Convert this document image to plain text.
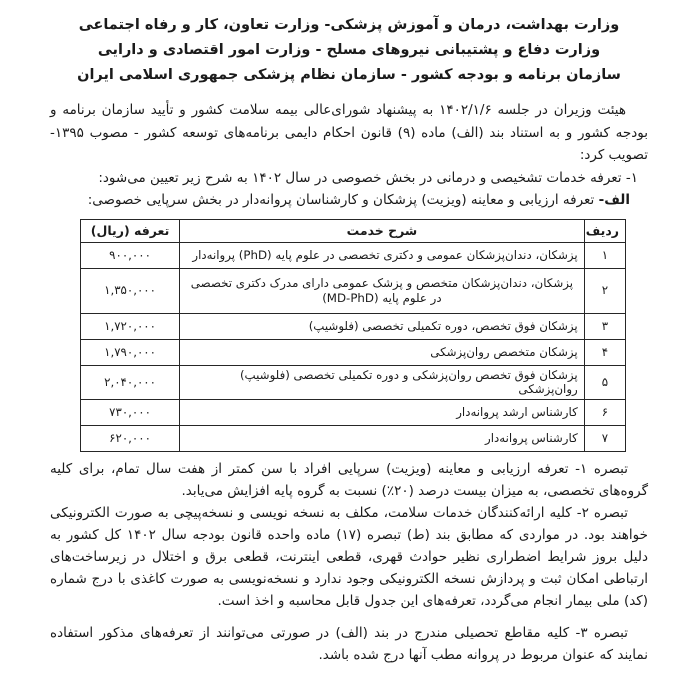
وزارت بهداشت، درمان و آموزش پزشکی- وزارت تعاون، کار و رفاه اجتماعی
وزارت دفاع و پشتیبانی نیروهای مسلح - وزارت امور اقتصادی و دارایی
سازمان برنامه و بودجه کشور - سازمان نظام پزشکی جمهوری اسلامی ایران

هیئت وزیران در جلسه ۱۴۰۲/۱/۶ به پیشنهاد شورای‌عالی بیمه سلامت کشور و تأیید سازمان برنامه و بودجه کشور و به استناد بند (الف) ماده (۹) قانون احکام دایمی برنامه‌های توسعه کشور - مصوب ۱۳۹۵- تصویب کرد:

۱- تعرفه خدمات تشخیصی و درمانی در بخش خصوصی در سال ۱۴۰۲ به شرح زیر تعیین می‌شود:

الف- تعرفه ارزیابی و معاینه (ویزیت) پزشکان و کارشناسان پروانه‌دار در بخش سرپایی خصوصی:

ردیف	شرح خدمت	تعرفه (ریال)
۱	پزشکان، دندان‌پزشکان عمومی و دکتری تخصصی در علوم پایه (PhD) پروانه‌دار	۹۰۰,۰۰۰
۲	پزشکان، دندان‌پزشکان متخصص و پزشک عمومی دارای مدرک دکتری تخصصی در علوم پایه (MD-PhD)	۱,۳۵۰,۰۰۰
۳	پزشکان فوق تخصص، دوره تکمیلی تخصصی (فلوشیپ)	۱,۷۲۰,۰۰۰
۴	پزشکان متخصص روان‌پزشکی	۱,۷۹۰,۰۰۰
۵	پزشکان فوق تخصص روان‌پزشکی و دوره تکمیلی تخصصی (فلوشیپ) روان‌پزشکی	۲,۰۴۰,۰۰۰
۶	کارشناس ارشد پروانه‌دار	۷۳۰,۰۰۰
۷	کارشناس پروانه‌دار	۶۲۰,۰۰۰

تبصره ۱- تعرفه ارزیابی و معاینه (ویزیت) سرپایی افراد با سن کمتر از هفت سال تمام، برای کلیه گروه‌های تخصصی، به میزان بیست درصد (۲۰٪) نسبت به گروه پایه افزایش می‌یابد.

تبصره ۲- کلیه ارائه‌کنندگان خدمات سلامت، مکلف به نسخه نویسی و نسخه‌پیچی به صورت الکترونیکی خواهند بود. در مواردی که مطابق بند (ط) تبصره (۱۷) ماده واحده قانون بودجه سال ۱۴۰۲ کل کشور به دلیل بروز شرایط اضطراری نظیر حوادث قهری، قطعی اینترنت، قطعی برق و اختلال در زیرساخت‌های ارتباطی امکان ثبت و پردازش نسخه الکترونیکی وجود ندارد و نسخه‌نویسی به صورت کاغذی با درج شماره (کد) ملی بیمار انجام می‌گردد، تعرفه‌های این جدول قابل محاسبه و اخذ است.

تبصره ۳- کلیه مقاطع تحصیلی مندرج در بند (الف) در صورتی می‌توانند از تعرفه‌های مذکور استفاده نمایند که عنوان مربوط در پروانه مطب آنها درج شده باشد.
